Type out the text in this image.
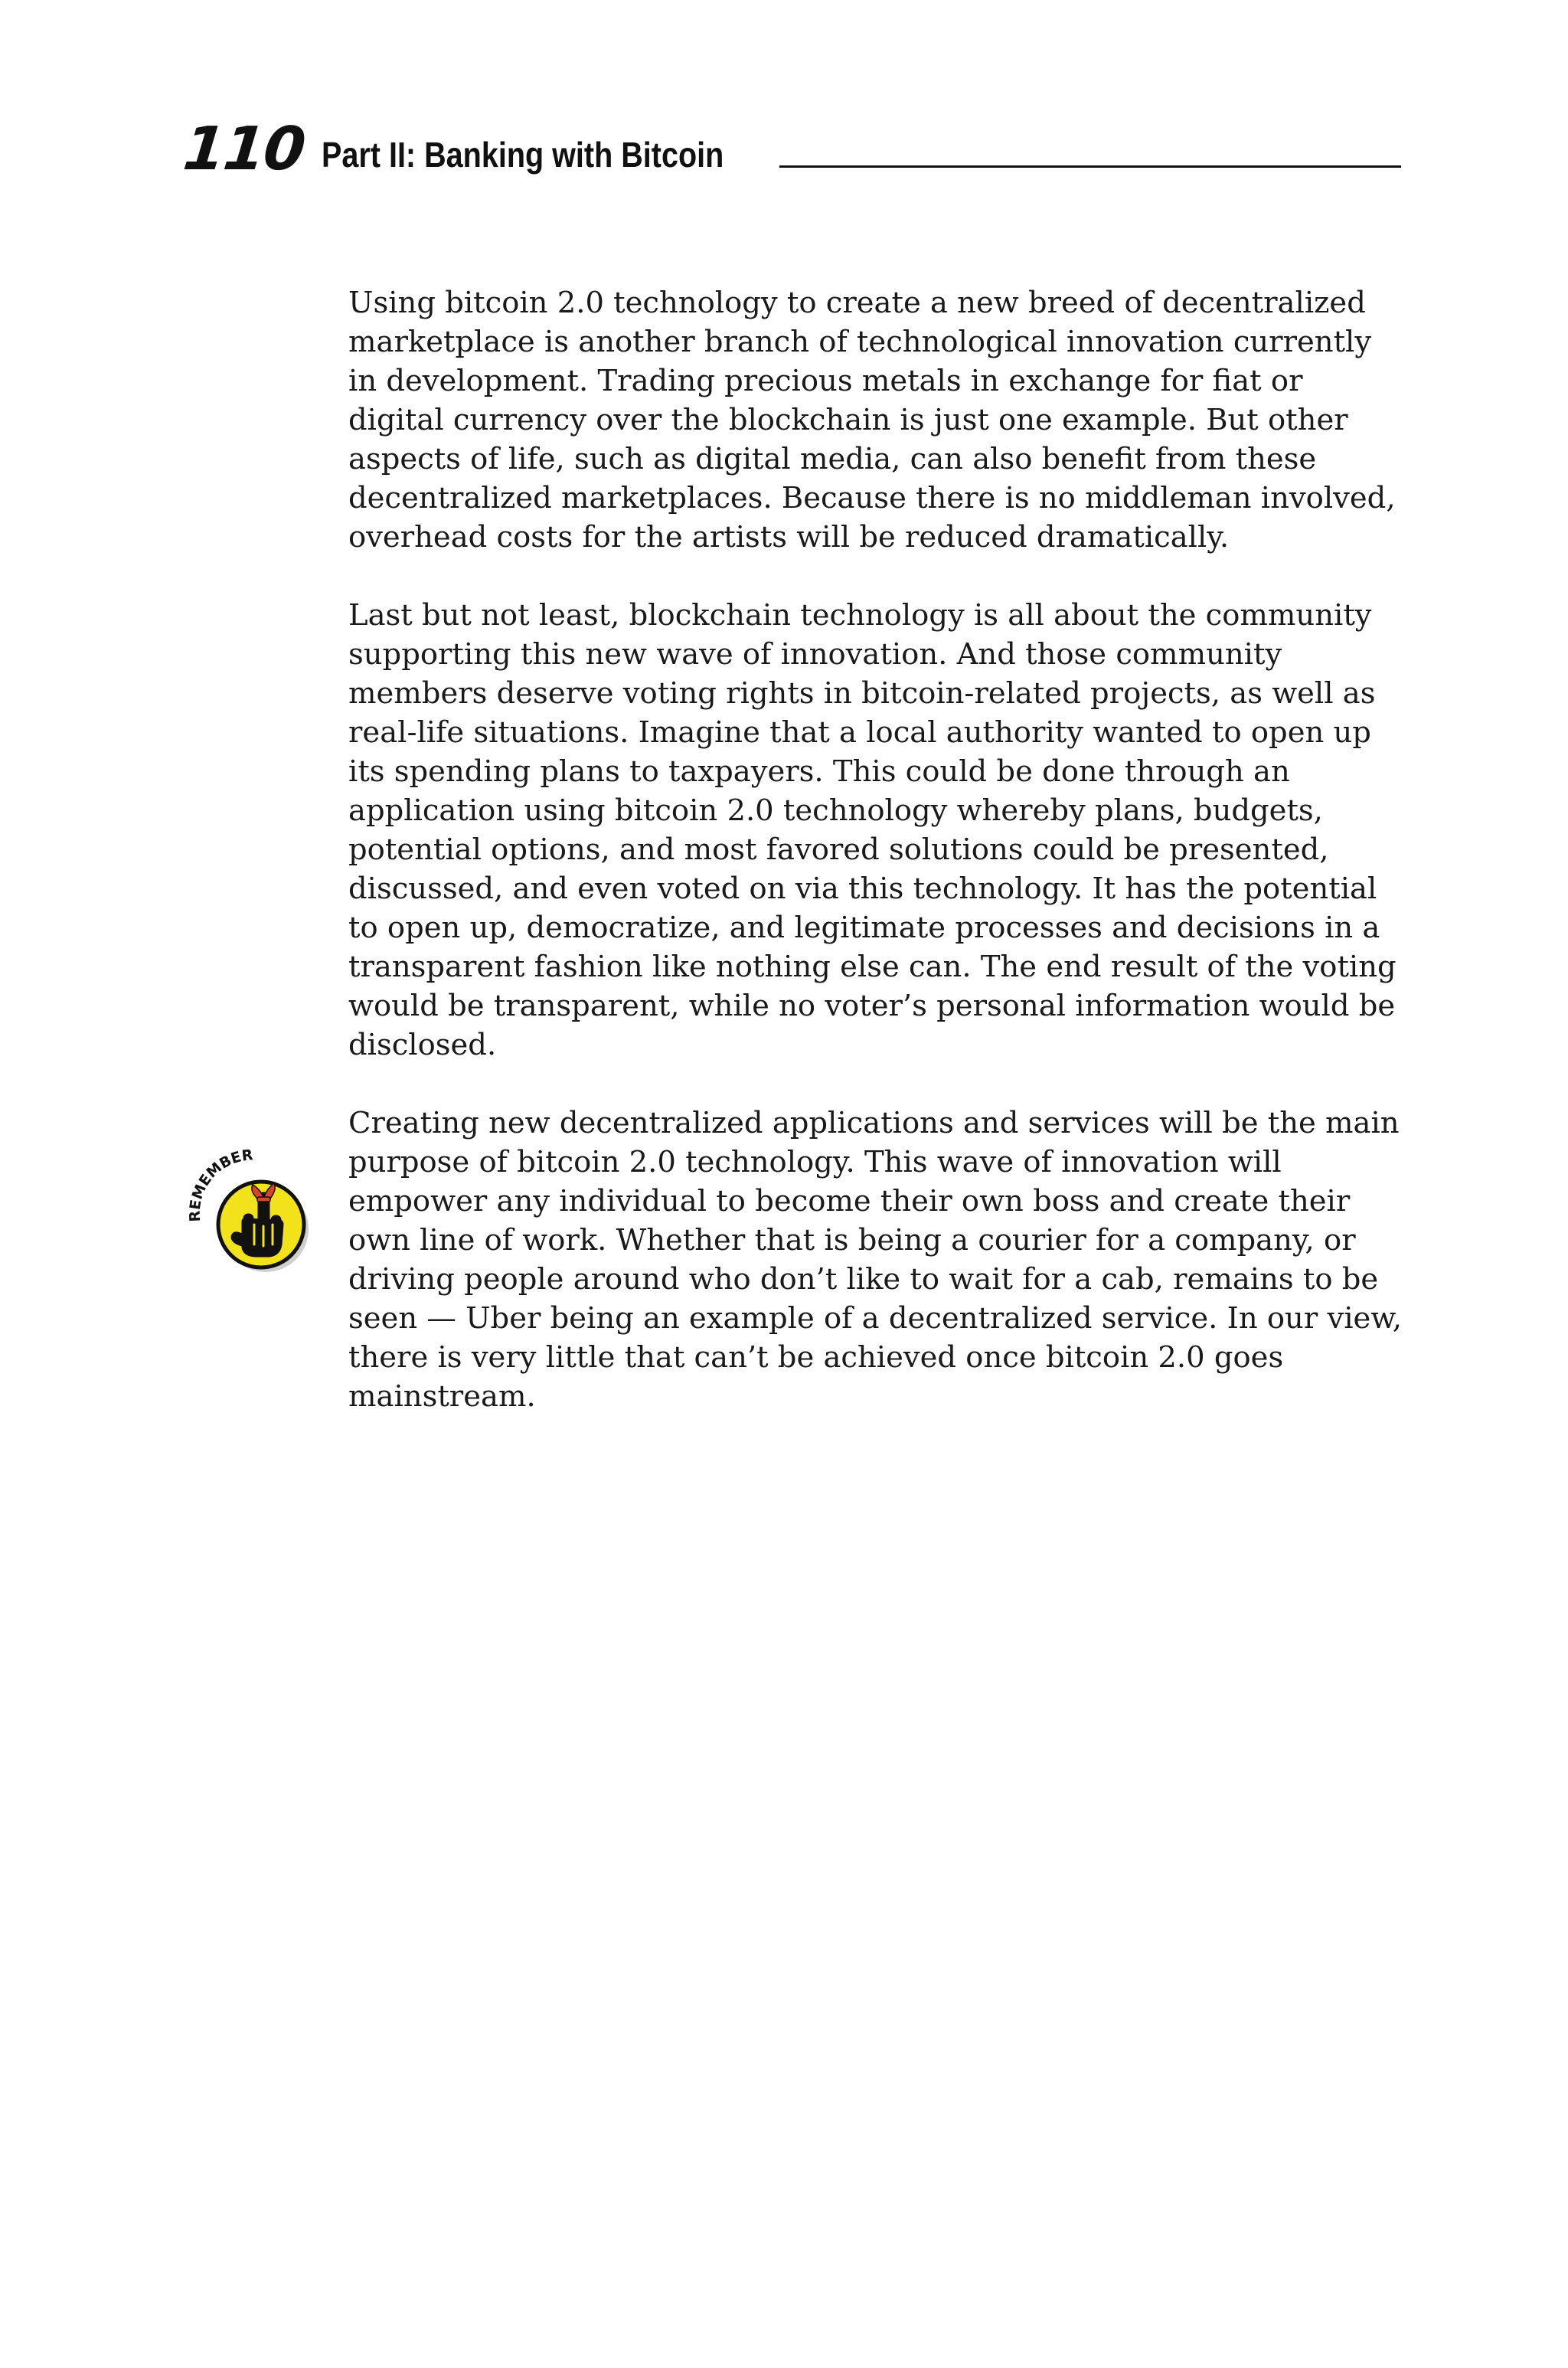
110 Part II: Banking with Bitcoin
REMEMBER

Using bitcoin 2.0 technology to create a new breed of decentralized marketplace is another branch of technological innovation currently in development. Trading precious metals in exchange for fiat or digital currency over the blockchain is just one example. But other aspects of life, such as digital media, can also benefit from these decentralized marketplaces. Because there is no middleman involved, overhead costs for the artists will be reduced dramatically.

Last but not least, blockchain technology is all about the community supporting this new wave of innovation. And those community members deserve voting rights in bitcoin-related projects, as well as real-life situations. Imagine that a local authority wanted to open up its spending plans to taxpayers. This could be done through an application using bitcoin 2.0 technology whereby plans, budgets, potential options, and most favored solutions could be presented, discussed, and even voted on via this technology. It has the potential to open up, democratize, and legitimate processes and decisions in a transparent fashion like nothing else can. The end result of the voting would be transparent, while no voter’s personal information would be disclosed.

Creating new decentralized applications and services will be the main purpose of bitcoin 2.0 technology. This wave of innovation will empower any individual to become their own boss and create their own line of work. Whether that is being a courier for a company, or driving people around who don’t like to wait for a cab, remains to be seen — Uber being an example of a decentralized service. In our view, there is very little that can’t be achieved once bitcoin 2.0 goes mainstream.
